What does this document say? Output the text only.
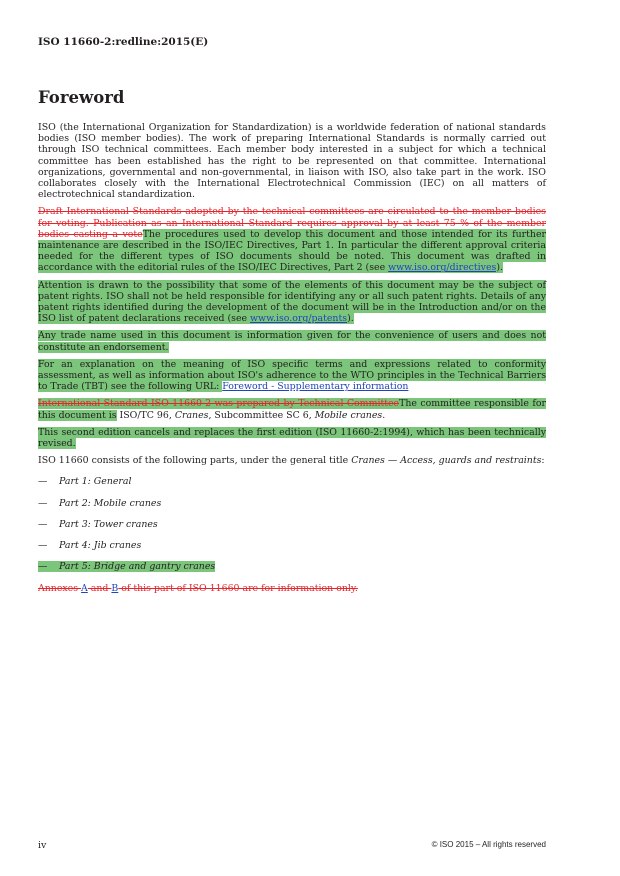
ISO 11660-2:redline:2015(E)
Foreword

ISO (the International Organization for Standardization) is a worldwide federation of national standards bodies (ISO member bodies). The work of preparing International Standards is normally carried out through ISO technical committees. Each member body interested in a subject for which a technical committee has been established has the right to be represented on that committee. International organizations, governmental and non-governmental, in liaison with ISO, also take part in the work. ISO collaborates closely with the International Electrotechnical Commission (IEC) on all matters of electrotechnical standardization.

Draft International Standards adopted by the technical committees are circulated to the member bodies for voting. Publication as an International Standard requires approval by at least 75 % of the member bodies casting a voteThe procedures used to develop this document and those intended for its further maintenance are described in the ISO/IEC Directives, Part 1. In particular the different approval criteria needed for the different types of ISO documents should be noted. This document was drafted in accordance with the editorial rules of the ISO/IEC Directives, Part 2 (see www.iso.org/directives).

Attention is drawn to the possibility that some of the elements of this document may be the subject of patent rights. ISO shall not be held responsible for identifying any or all such patent rights. Details of any patent rights identified during the development of the document will be in the Introduction and/or on the ISO list of patent declarations received (see www.iso.org/patents).

Any trade name used in this document is information given for the convenience of users and does not constitute an endorsement.

For an explanation on the meaning of ISO specific terms and expressions related to conformity assessment, as well as information about ISO's adherence to the WTO principles in the Technical Barriers to Trade (TBT) see the following URL: Foreword - Supplementary information

International Standard ISO 11660-2 was prepared by Technical CommitteeThe committee responsible for this document is ISO/TC 96, Cranes, Subcommittee SC 6, Mobile cranes.

This second edition cancels and replaces the first edition (ISO 11660-2:1994), which has been technically revised.

ISO 11660 consists of the following parts, under the general title Cranes — Access, guards and restraints:

— Part 1: General

— Part 2: Mobile cranes

— Part 3: Tower cranes

— Part 4: Jib cranes

— Part 5: Bridge and gantry cranes

Annexes A and B of this part of ISO 11660 are for information only.

iv	© ISO 2015 – All rights reserved
